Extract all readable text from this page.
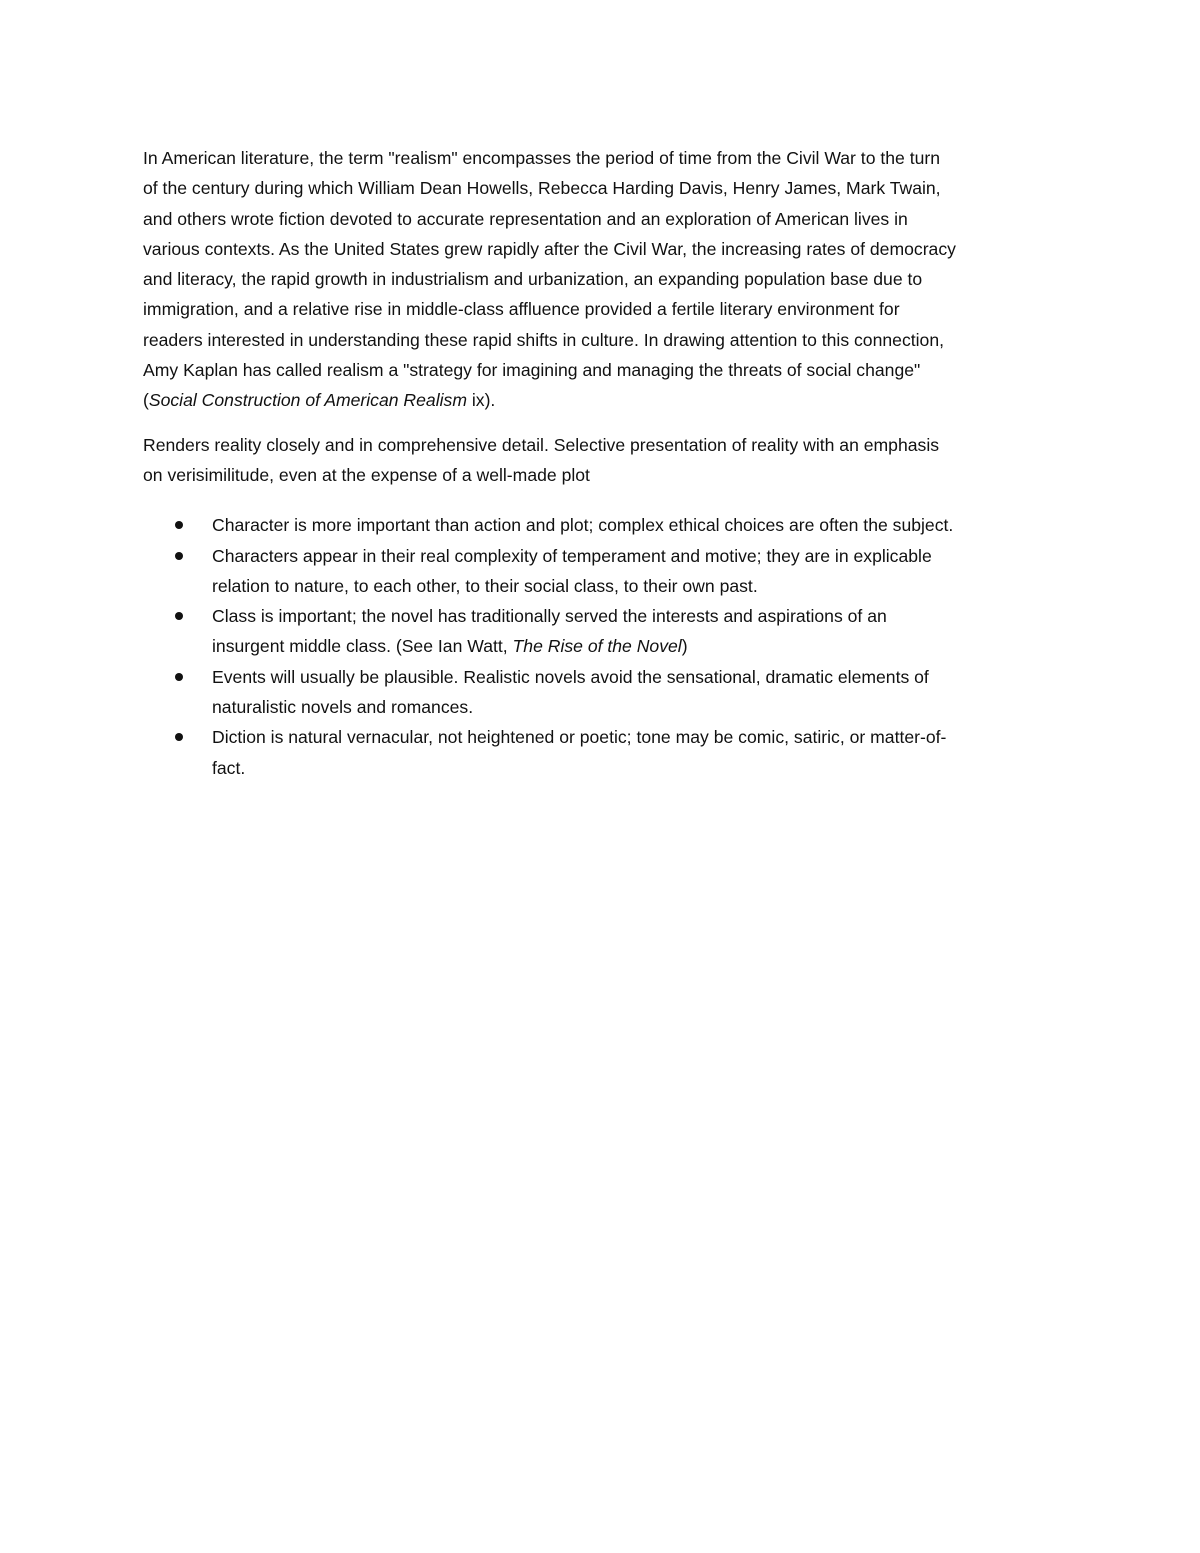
In American literature, the term "realism" encompasses the period of time from the Civil War to the turn
of the century during which William Dean Howells, Rebecca Harding Davis, Henry James, Mark Twain,
and others wrote fiction devoted to accurate representation and an exploration of American lives in
various contexts. As the United States grew rapidly after the Civil War, the increasing rates of democracy
and literacy, the rapid growth in industrialism and urbanization, an expanding population base due to
immigration, and a relative rise in middle-class affluence provided a fertile literary environment for
readers interested in understanding these rapid shifts in culture. In drawing attention to this connection,
Amy Kaplan has called realism a "strategy for imagining and managing the threats of social change"
(Social Construction of American Realism ix).

Renders reality closely and in comprehensive detail. Selective presentation of reality with an emphasis
on verisimilitude, even at the expense of a well-made plot

Character is more important than action and plot; complex ethical choices are often the subject.
Characters appear in their real complexity of temperament and motive; they are in explicable
relation to nature, to each other, to their social class, to their own past.
Class is important; the novel has traditionally served the interests and aspirations of an
insurgent middle class. (See Ian Watt, The Rise of the Novel)
Events will usually be plausible. Realistic novels avoid the sensational, dramatic elements of
naturalistic novels and romances.
Diction is natural vernacular, not heightened or poetic; tone may be comic, satiric, or matter-of-
fact.
